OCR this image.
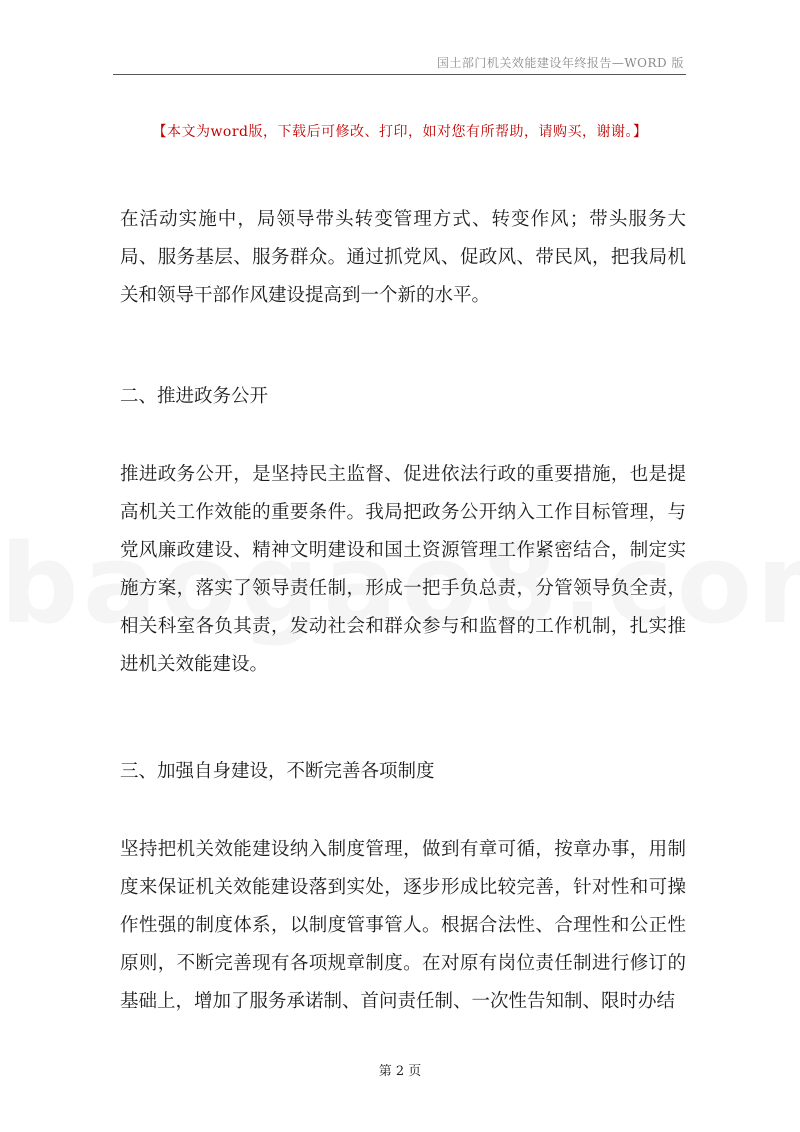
国土部门机关效能建设年终报告—WORD 版
【本文为word版，下载后可修改、打印，如对您有所帮助，请购买，谢谢。】

在活动实施中，局领导带头转变管理方式、转变作风；带头服务大局、服务基层、服务群众。通过抓党风、促政风、带民风，把我局机关和领导干部作风建设提高到一个新的水平。

二、推进政务公开

推进政务公开，是坚持民主监督、促进依法行政的重要措施，也是提高机关工作效能的重要条件。我局把政务公开纳入工作目标管理，与党风廉政建设、精神文明建设和国土资源管理工作紧密结合，制定实施方案，落实了领导责任制，形成一把手负总责，分管领导负全责，相关科室各负其责，发动社会和群众参与和监督的工作机制，扎实推进机关效能建设。

三、加强自身建设，不断完善各项制度

坚持把机关效能建设纳入制度管理，做到有章可循，按章办事，用制度来保证机关效能建设落到实处，逐步形成比较完善，针对性和可操作性强的制度体系，以制度管事管人。根据合法性、合理性和公正性原则，不断完善现有各项规章制度。在对原有岗位责任制进行修订的基础上，增加了服务承诺制、首问责任制、一次性告知制、限时办结

第 2 页
